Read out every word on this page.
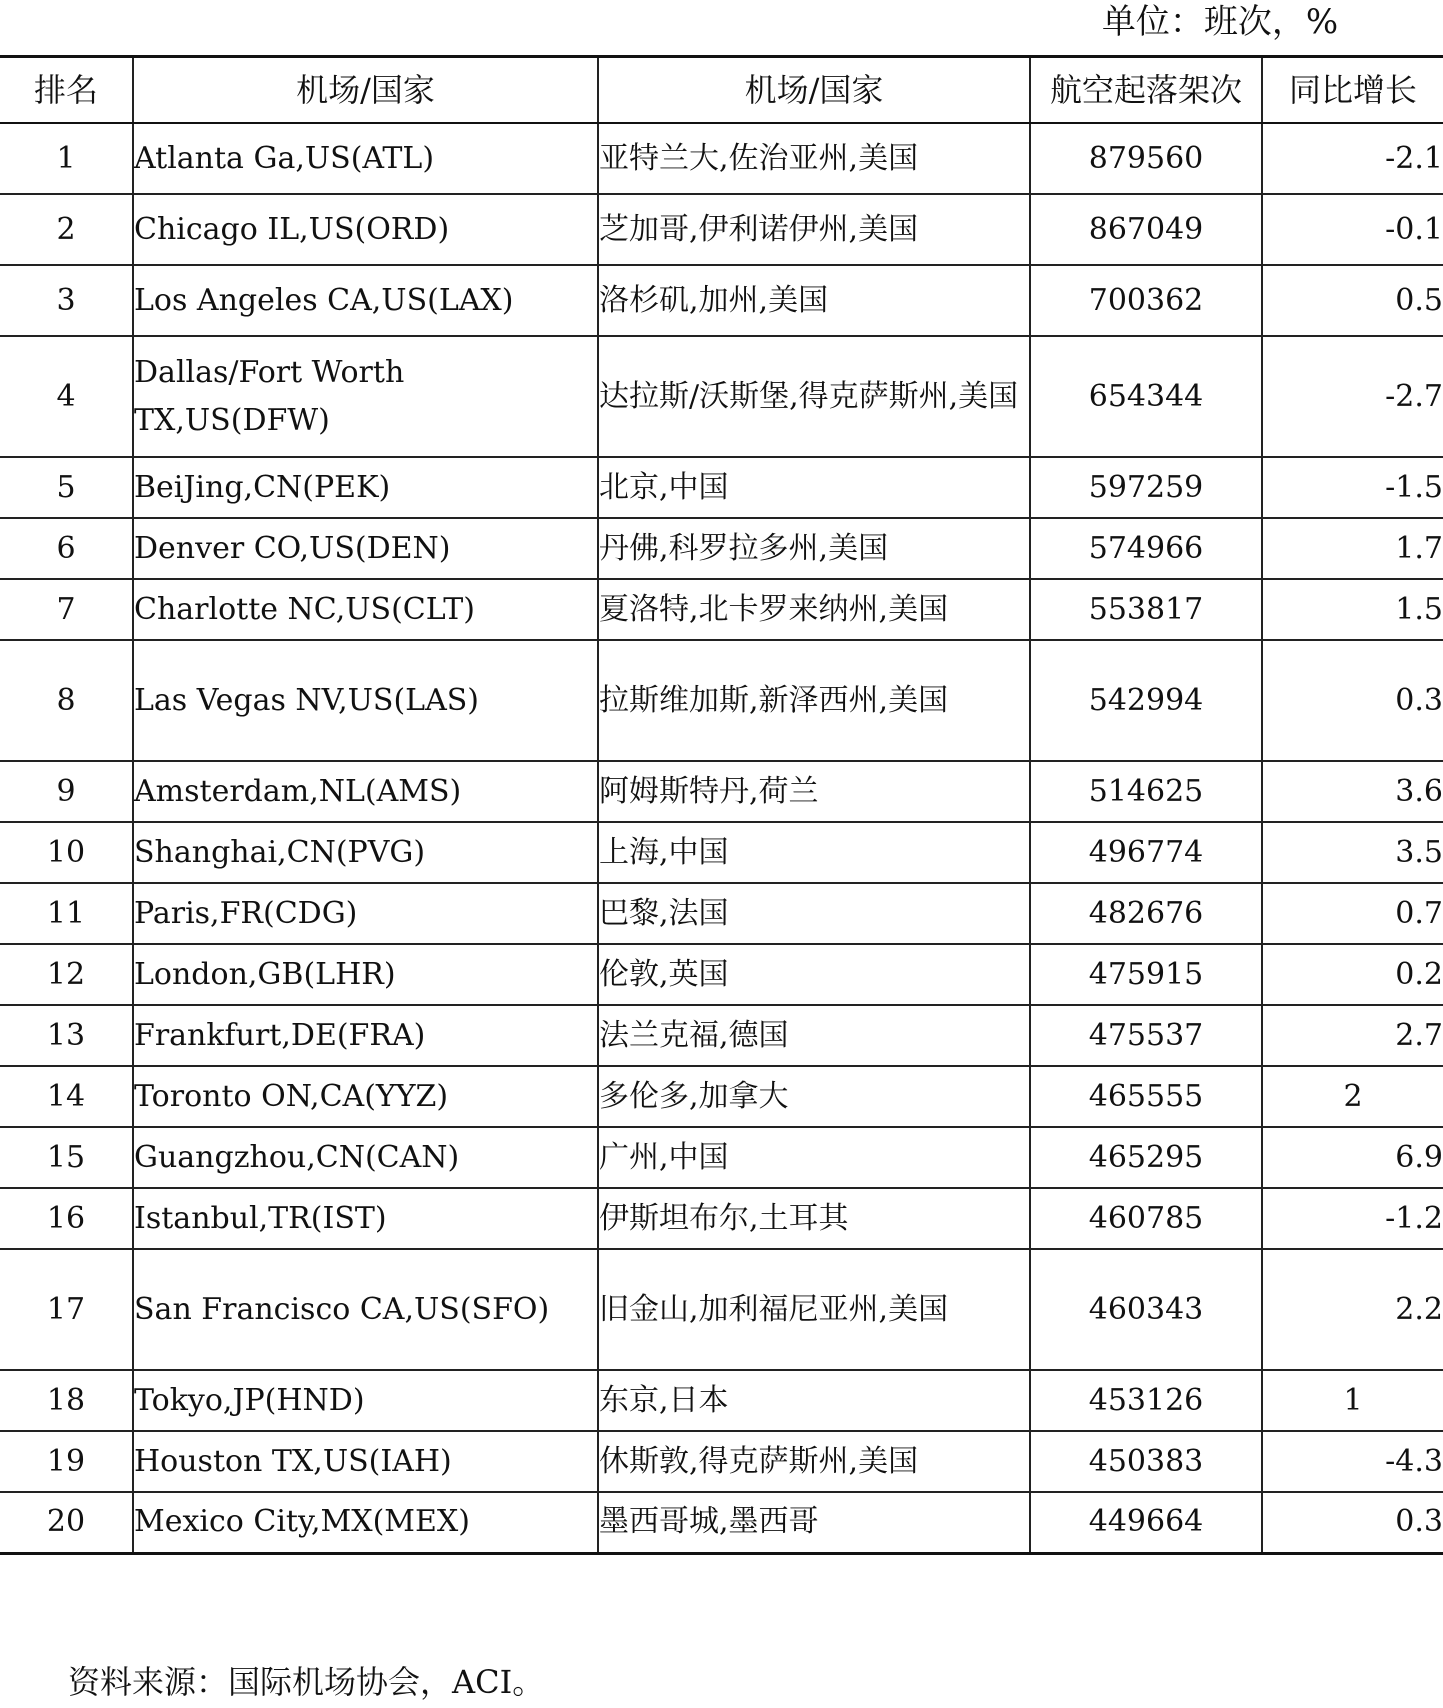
单位：班次，%
排名	机场/国家	机场/国家	航空起落架次	同比增长
1	Atlanta Ga,US(ATL)	亚特兰大,佐治亚州,美国	879560	-2.1
2	Chicago IL,US(ORD)	芝加哥,伊利诺伊州,美国	867049	-0.1
3	Los Angeles CA,US(LAX)	洛杉矶,加州,美国	700362	0.5
4	Dallas/Fort Worth TX,US(DFW)	达拉斯/沃斯堡,得克萨斯州,美国	654344	-2.7
5	BeiJing,CN(PEK)	北京,中国	597259	-1.5
6	Denver CO,US(DEN)	丹佛,科罗拉多州,美国	574966	1.7
7	Charlotte NC,US(CLT)	夏洛特,北卡罗来纳州,美国	553817	1.5
8	Las Vegas NV,US(LAS)	拉斯维加斯,新泽西州,美国	542994	0.3
9	Amsterdam,NL(AMS)	阿姆斯特丹,荷兰	514625	3.6
10	Shanghai,CN(PVG)	上海,中国	496774	3.5
11	Paris,FR(CDG)	巴黎,法国	482676	0.7
12	London,GB(LHR)	伦敦,英国	475915	0.2
13	Frankfurt,DE(FRA)	法兰克福,德国	475537	2.7
14	Toronto ON,CA(YYZ)	多伦多,加拿大	465555	2
15	Guangzhou,CN(CAN)	广州,中国	465295	6.9
16	Istanbul,TR(IST)	伊斯坦布尔,土耳其	460785	-1.2
17	San Francisco CA,US(SFO)	旧金山,加利福尼亚州,美国	460343	2.2
18	Tokyo,JP(HND)	东京,日本	453126	1
19	Houston TX,US(IAH)	休斯敦,得克萨斯州,美国	450383	-4.3
20	Mexico City,MX(MEX)	墨西哥城,墨西哥	449664	0.3
资料来源：国际机场协会，ACI。
